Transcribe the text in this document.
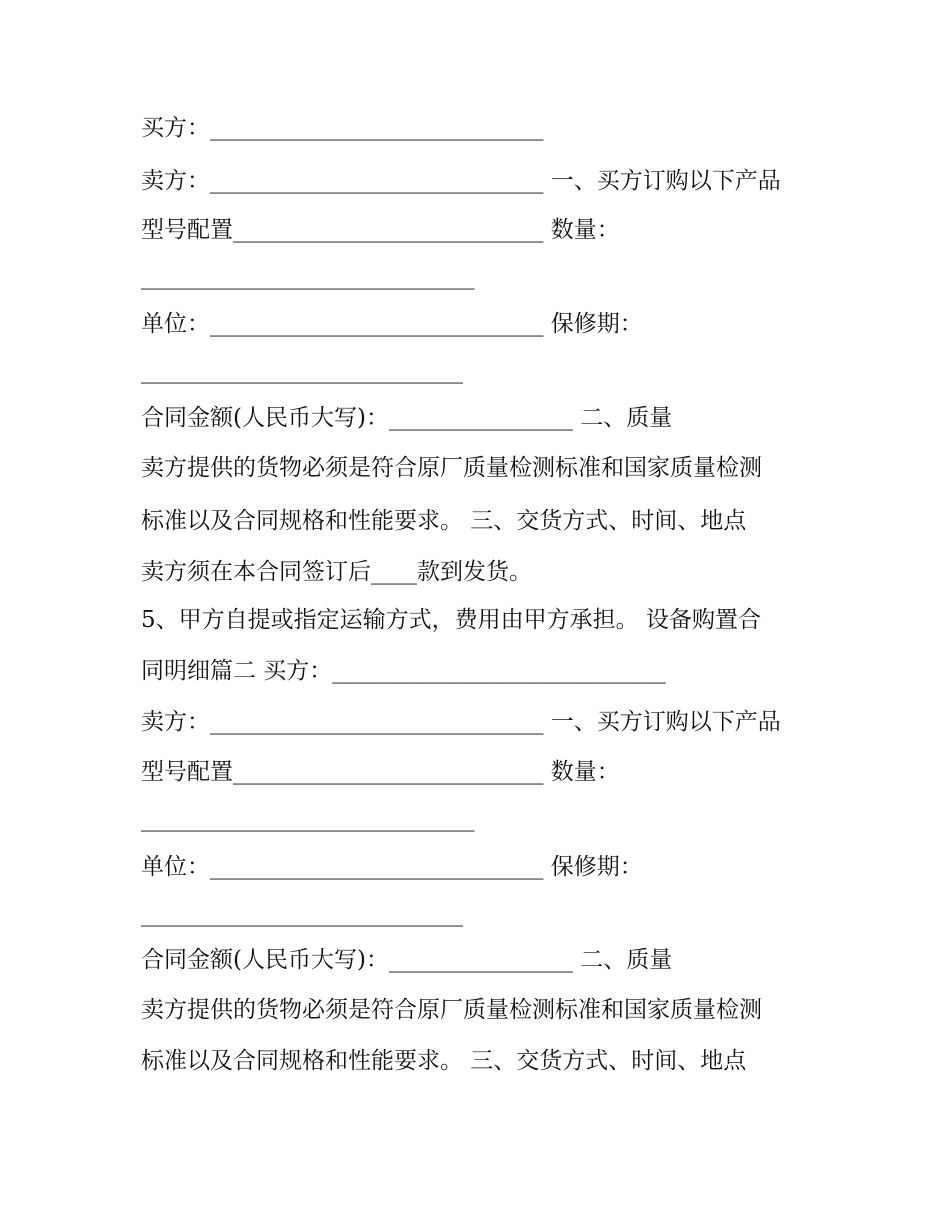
买方：_____________________________
卖方：_____________________________ 一、买方订购以下产品
型号配置___________________________ 数量：
_____________________________
单位：_____________________________ 保修期：
____________________________
合同金额(人民币大写)：________________ 二、质量
卖方提供的货物必须是符合原厂质量检测标准和国家质量检测
标准以及合同规格和性能要求。 三、交货方式、时间、地点
卖方须在本合同签订后____款到发货。
5、甲方自提或指定运输方式，费用由甲方承担。 设备购置合
同明细篇二 买方：_____________________________
卖方：_____________________________ 一、买方订购以下产品
型号配置___________________________ 数量：
_____________________________
单位：_____________________________ 保修期：
____________________________
合同金额(人民币大写)：________________ 二、质量
卖方提供的货物必须是符合原厂质量检测标准和国家质量检测
标准以及合同规格和性能要求。 三、交货方式、时间、地点
